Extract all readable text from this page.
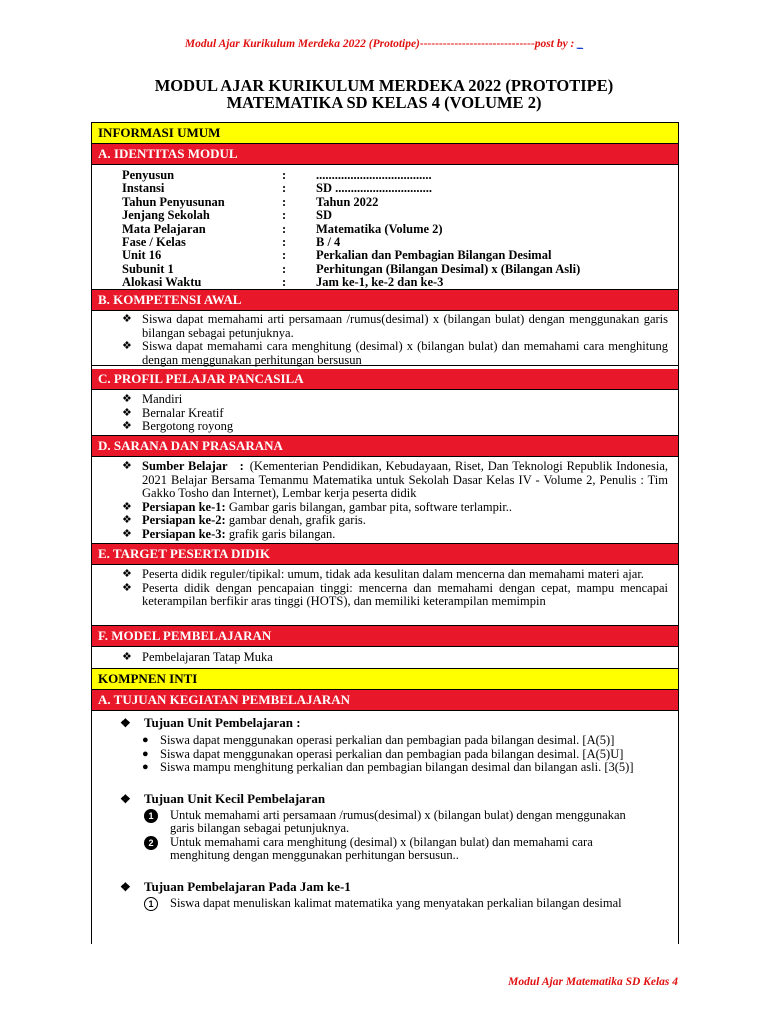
Modul Ajar Kurikulum Merdeka 2022 (Prototipe)------------------------------post by : _
MODUL AJAR KURIKULUM MERDEKA 2022 (PROTOTIPE)
MATEMATIKA SD KELAS 4 (VOLUME 2)
INFORMASI UMUM
A. IDENTITAS MODUL
Penyusun	:	.....................................
Instansi	:	SD ...............................
Tahun Penyusunan	:	Tahun 2022
Jenjang Sekolah	:	SD
Mata Pelajaran	:	Matematika (Volume 2)
Fase / Kelas	:	B / 4
Unit 16	:	Perkalian dan Pembagian Bilangan Desimal
Subunit 1	:	Perhitungan (Bilangan Desimal) x (Bilangan Asli)
Alokasi Waktu	:	Jam ke-1, ke-2 dan ke-3
B. KOMPETENSI AWAL
❖ Siswa dapat memahami arti persamaan /rumus(desimal) x (bilangan bulat) dengan menggunakan garis bilangan sebagai petunjuknya.
❖ Siswa dapat memahami cara menghitung (desimal) x (bilangan bulat) dan memahami cara menghitung dengan menggunakan perhitungan bersusun
C. PROFIL PELAJAR PANCASILA
❖ Mandiri
❖ Bernalar Kreatif
❖ Bergotong royong
D. SARANA DAN PRASARANA
❖ Sumber Belajar : (Kementerian Pendidikan, Kebudayaan, Riset, Dan Teknologi Republik Indonesia, 2021 Belajar Bersama Temanmu Matematika untuk Sekolah Dasar Kelas IV - Volume 2, Penulis : Tim Gakko Tosho dan Internet), Lembar kerja peserta didik
❖ Persiapan ke-1: Gambar garis bilangan, gambar pita, software terlampir..
❖ Persiapan ke-2: gambar denah, grafik garis.
❖ Persiapan ke-3: grafik garis bilangan.
E. TARGET PESERTA DIDIK
❖ Peserta didik reguler/tipikal: umum, tidak ada kesulitan dalam mencerna dan memahami materi ajar.
❖ Peserta didik dengan pencapaian tinggi: mencerna dan memahami dengan cepat, mampu mencapai keterampilan berfikir aras tinggi (HOTS), dan memiliki keterampilan memimpin
F. MODEL PEMBELAJARAN
❖ Pembelajaran Tatap Muka
KOMPNEN INTI
A. TUJUAN KEGIATAN PEMBELAJARAN
❖ Tujuan Unit Pembelajaran :
● Siswa dapat menggunakan operasi perkalian dan pembagian pada bilangan desimal. [A(5)]
● Siswa dapat menggunakan operasi perkalian dan pembagian pada bilangan desimal. [A(5)U]
● Siswa mampu menghitung perkalian dan pembagian bilangan desimal dan bilangan asli. [3(5)]
❖ Tujuan Unit Kecil Pembelajaran
1	Untuk memahami arti persamaan /rumus(desimal) x (bilangan bulat) dengan menggunakan garis bilangan sebagai petunjuknya.
2	Untuk memahami cara menghitung (desimal) x (bilangan bulat) dan memahami cara menghitung dengan menggunakan perhitungan bersusun..
❖ Tujuan Pembelajaran Pada Jam ke-1
1	Siswa dapat menuliskan kalimat matematika yang menyatakan perkalian bilangan desimal
Modul Ajar Matematika SD Kelas 4
